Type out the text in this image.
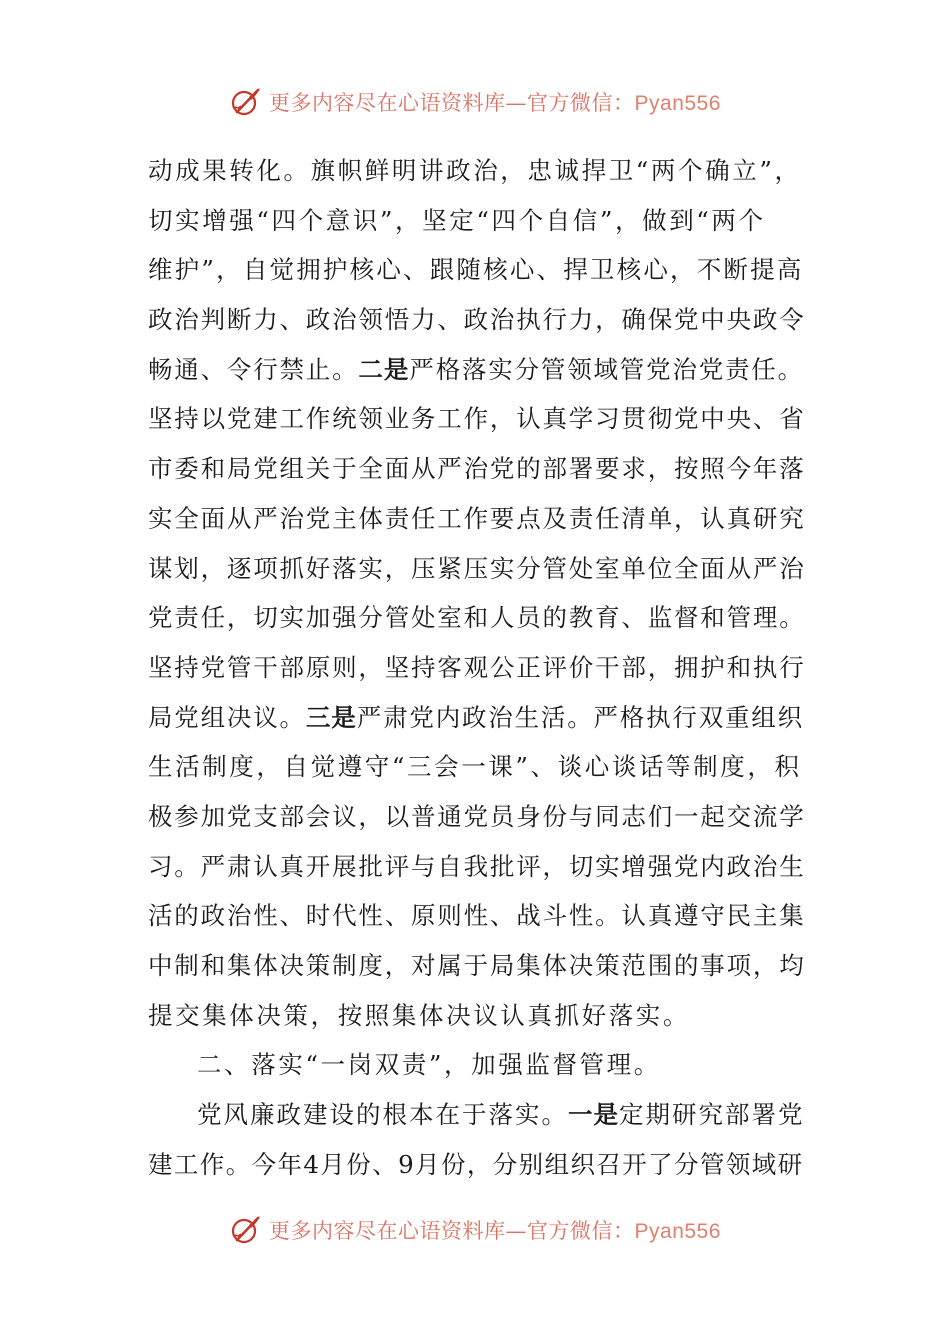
更多内容尽在心语资料库—官方微信：Pyan556
动成果转化。旗帜鲜明讲政治，忠诚捍卫“两个确立”，
切实增强“四个意识”，坚定“四个自信”，做到“两个
维护”，自觉拥护核心、跟随核心、捍卫核心，不断提高
政治判断力、政治领悟力、政治执行力，确保党中央政令
畅通、令行禁止。二是严格落实分管领域管党治党责任。
坚持以党建工作统领业务工作，认真学习贯彻党中央、省
市委和局党组关于全面从严治党的部署要求，按照今年落
实全面从严治党主体责任工作要点及责任清单，认真研究
谋划，逐项抓好落实，压紧压实分管处室单位全面从严治
党责任，切实加强分管处室和人员的教育、监督和管理。
坚持党管干部原则，坚持客观公正评价干部，拥护和执行
局党组决议。三是严肃党内政治生活。严格执行双重组织
生活制度，自觉遵守“三会一课”、谈心谈话等制度，积
极参加党支部会议，以普通党员身份与同志们一起交流学
习。严肃认真开展批评与自我批评，切实增强党内政治生
活的政治性、时代性、原则性、战斗性。认真遵守民主集
中制和集体决策制度，对属于局集体决策范围的事项，均
提交集体决策，按照集体决议认真抓好落实。
二、落实“一岗双责”，加强监督管理。
党风廉政建设的根本在于落实。一是定期研究部署党
建工作。今年4月份、9月份，分别组织召开了分管领域研
更多内容尽在心语资料库—官方微信：Pyan556
